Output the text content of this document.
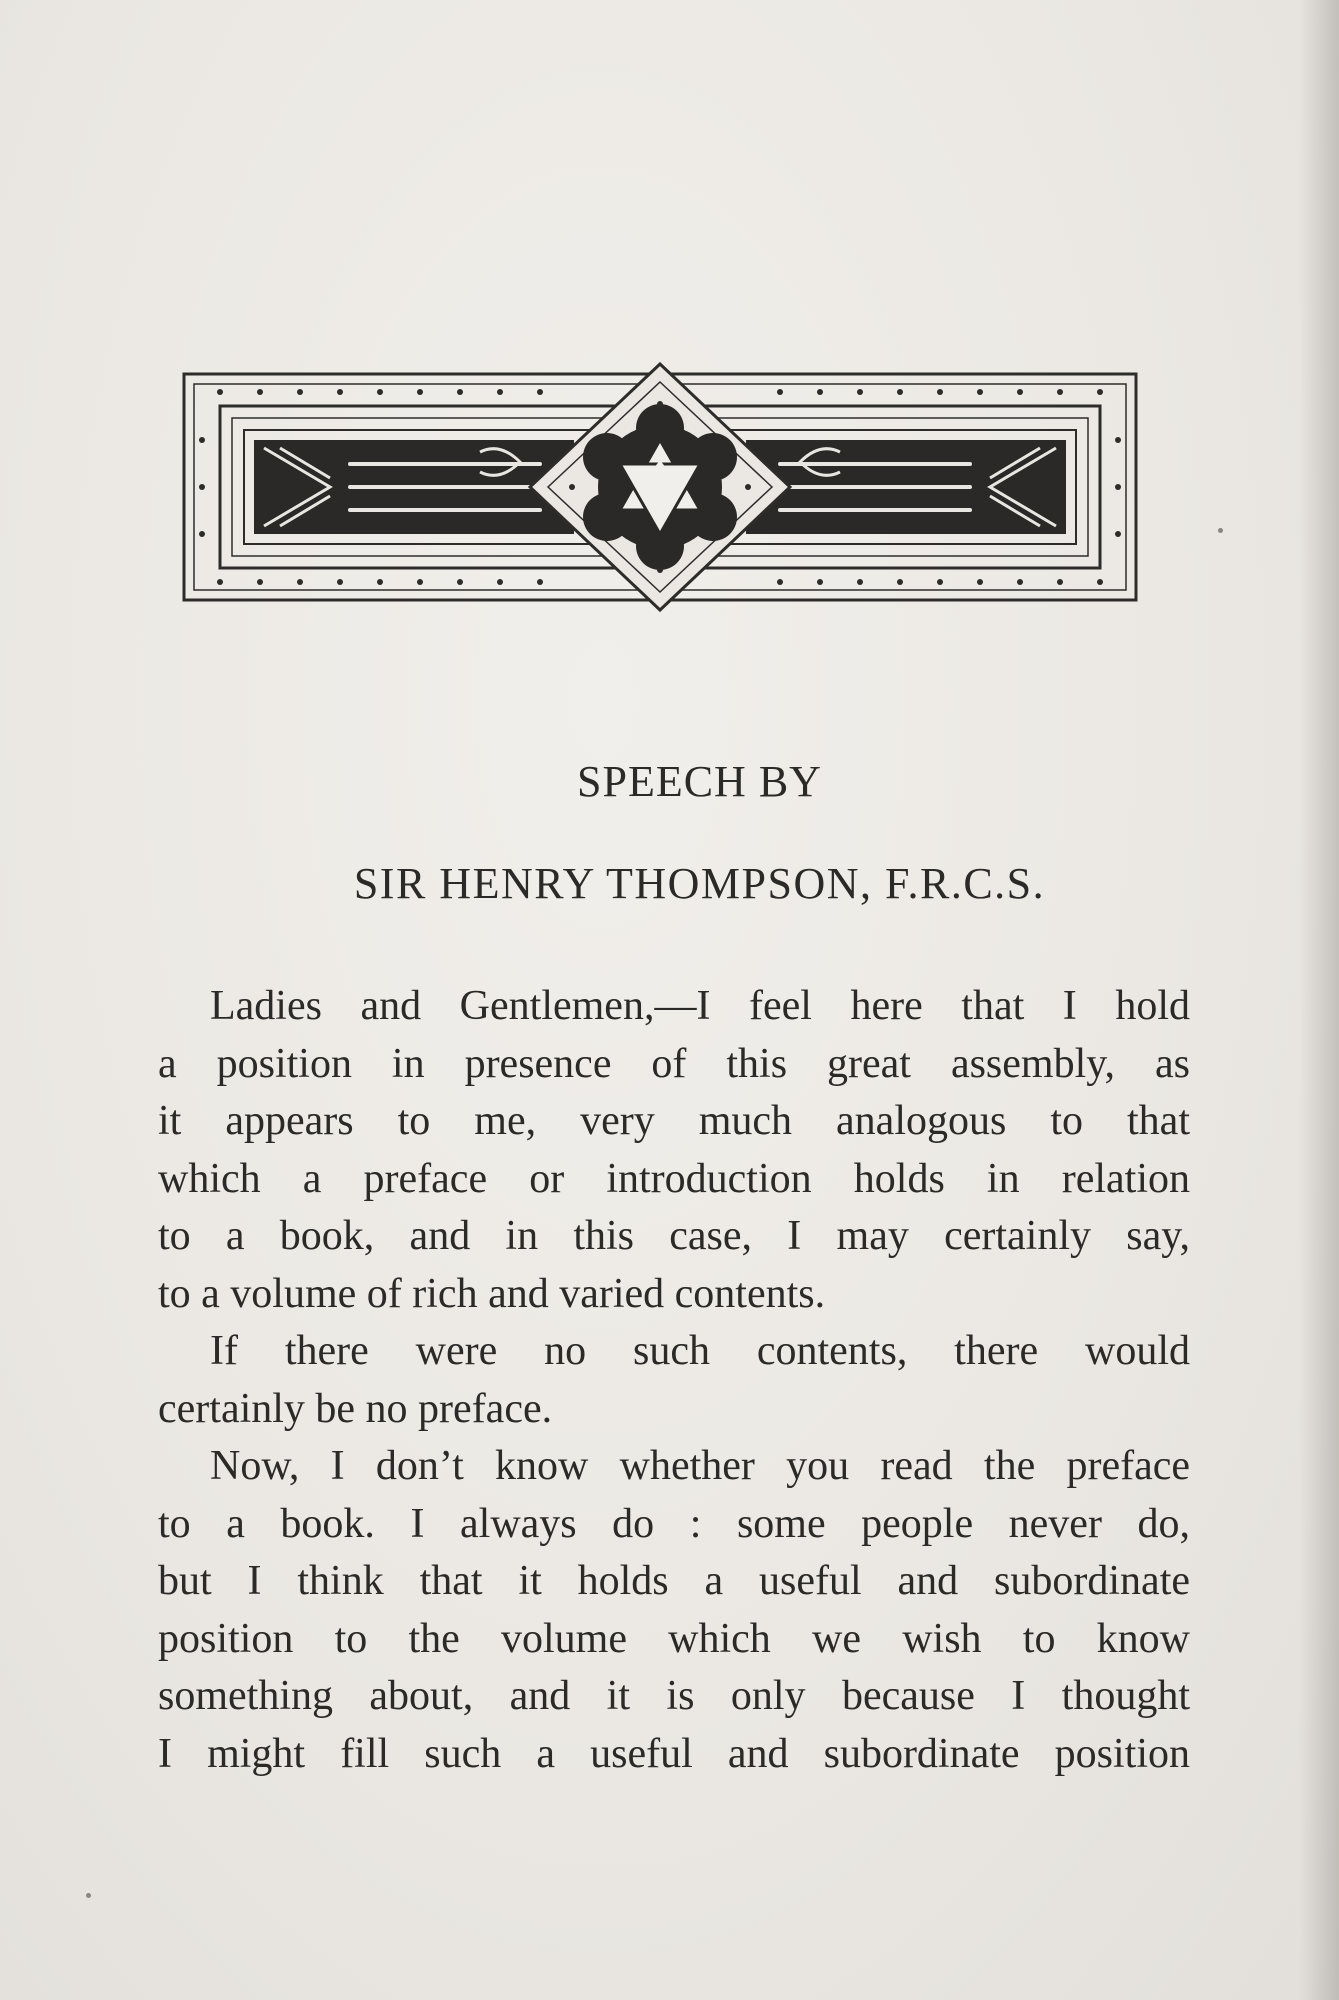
SPEECH BY
SIR HENRY THOMPSON, F.R.C.S.
Ladies and Gentlemen,—I feel here that I hold
a position in presence of this great assembly, as
it appears to me, very much analogous to that
which a preface or introduction holds in relation
to a book, and in this case, I may certainly say,
to a volume of rich and varied contents.
If there were no such contents, there would
certainly be no preface.
Now, I don’t know whether you read the preface
to a book. I always do : some people never do,
but I think that it holds a useful and subordinate
position to the volume which we wish to know
something about, and it is only because I thought
I might fill such a useful and subordinate position
